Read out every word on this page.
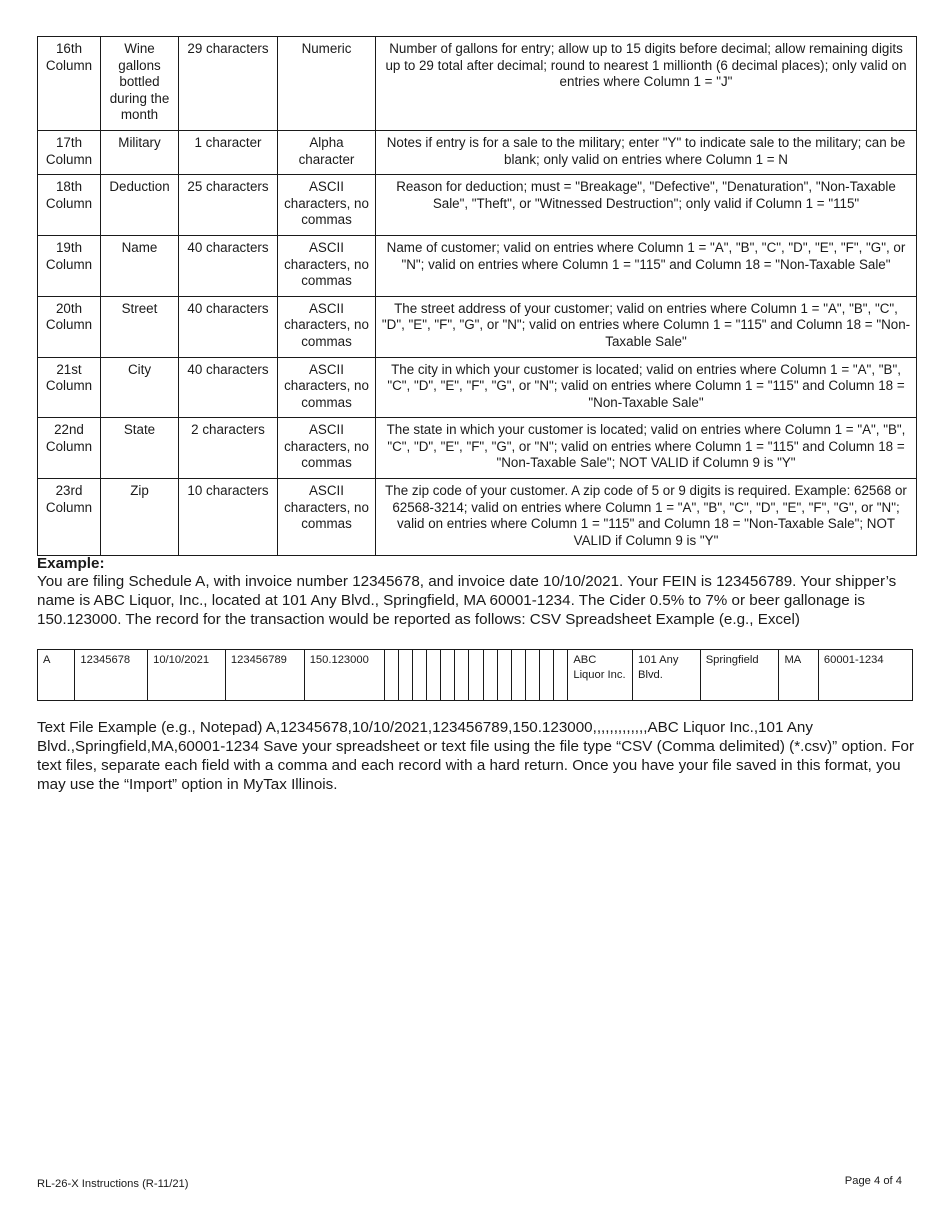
16th Column	Wine gallons bottled during the month	29 characters	Numeric	Number of gallons for entry; allow up to 15 digits before decimal; allow remaining digits up to 29 total after decimal; round to nearest 1 millionth (6 decimal places); only valid on entries where Column 1 = "J"
17th Column	Military	1 character	Alpha character	Notes if entry is for a sale to the military; enter "Y" to indicate sale to the military; can be blank; only valid on entries where Column 1 = N
18th Column	Deduction	25 characters	ASCII characters, no commas	Reason for deduction; must = "Breakage", "Defective", "Denaturation", "Non-Taxable Sale", "Theft", or "Witnessed Destruction"; only valid if Column 1 = "115"
19th Column	Name	40 characters	ASCII characters, no commas	Name of customer; valid on entries where Column 1 = "A", "B", "C", "D", "E", "F", "G", or "N"; valid on entries where Column 1 = "115" and Column 18 = "Non-Taxable Sale"
20th Column	Street	40 characters	ASCII characters, no commas	The street address of your customer; valid on entries where Column 1 = "A", "B", "C", "D", "E", "F", "G", or "N"; valid on entries where Column 1 = "115" and Column 18 = "Non-Taxable Sale"
21st Column	City	40 characters	ASCII characters, no commas	The city in which your customer is located; valid on entries where Column 1 = "A", "B", "C", "D", "E", "F", "G", or "N"; valid on entries where Column 1 = "115" and Column 18 = "Non-Taxable Sale"
22nd Column	State	2 characters	ASCII characters, no commas	The state in which your customer is located; valid on entries where Column 1 = "A", "B", "C", "D", "E", "F", "G", or "N"; valid on entries where Column 1 = "115" and Column 18 = "Non-Taxable Sale"; NOT VALID if Column 9 is "Y"
23rd Column	Zip	10 characters	ASCII characters, no commas	The zip code of your customer. A zip code of 5 or 9 digits is required. Example: 62568 or 62568-3214; valid on entries where Column 1 = "A", "B", "C", "D", "E", "F", "G", or "N"; valid on entries where Column 1 = "115" and Column 18 = "Non-Taxable Sale"; NOT VALID if Column 9 is "Y"

Example:

You are filing Schedule A, with invoice number 12345678, and invoice date 10/10/2021. Your FEIN is 123456789. Your shipper’s name is ABC Liquor, Inc., located at 101 Any Blvd., Springfield, MA 60001-1234. The Cider 0.5% to 7% or beer gallonage is 150.123000. The record for the transaction would be reported as follows: CSV Spreadsheet Example (e.g., Excel)

A	12345678	10/10/2021	123456789	150.123000														ABC Liquor Inc.	101 Any Blvd.	Springfield	MA	60001-1234

Text File Example (e.g., Notepad) A,12345678,10/10/2021,123456789,150.123000,,,,,,,,,,,,,ABC Liquor Inc.,101 Any Blvd.,Springfield,MA,60001-1234 Save your spreadsheet or text file using the file type “CSV (Comma delimited) (*.csv)” option. For text files, separate each field with a comma and each record with a hard return. Once you have your file saved in this format, you may use the “Import” option in MyTax Illinois.

RL-26-X Instructions (R-11/21)	Page 4 of 4
